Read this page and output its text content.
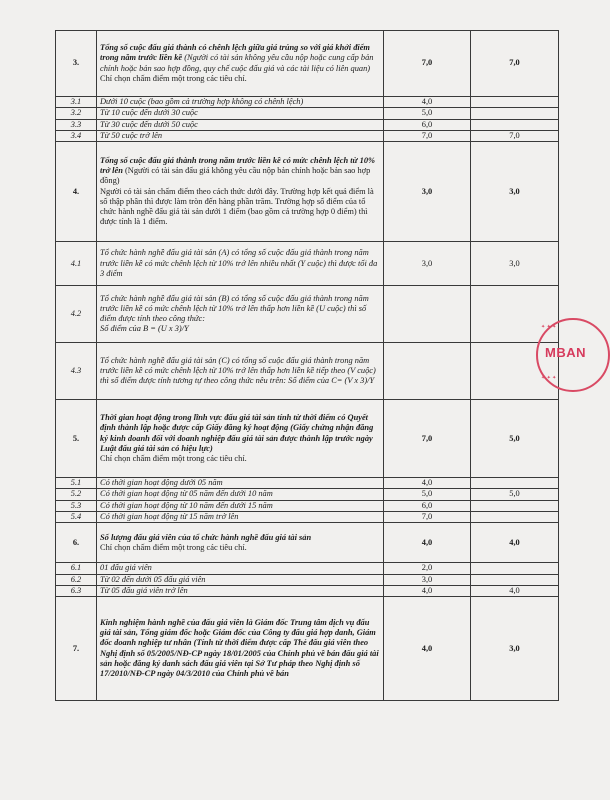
3.	Tổng số cuộc đấu giá thành có chênh lệch giữa giá trúng so với giá khởi điểm trong năm trước liền kề (Người có tài sản không yêu cầu nộp hoặc cung cấp bản chính hoặc bản sao hợp đồng, quy chế cuộc đấu giá và các tài liệu có liên quan)
Chỉ chọn chấm điểm một trong các tiêu chí.	7,0	7,0
3.1	Dưới 10 cuộc (bao gồm cả trường hợp không có chênh lệch)	4,0	
3.2	Từ 10 cuộc đến dưới 30 cuộc	5,0	
3.3	Từ 30 cuộc đến dưới 50 cuộc	6,0	
3.4	Từ 50 cuộc trở lên	7,0	7,0
4.	Tổng số cuộc đấu giá thành trong năm trước liền kề có mức chênh lệch từ 10% trở lên (Người có tài sản đấu giá không yêu cầu nộp bản chính hoặc bản sao hợp đồng)
Người có tài sản chấm điểm theo cách thức dưới đây. Trường hợp kết quả điểm là số thập phân thì được làm tròn đến hàng phần trăm. Trường hợp số điểm của tổ chức hành nghề đấu giá tài sản dưới 1 điểm (bao gồm cả trường hợp 0 điểm) thì được tính là 1 điểm.	3,0	3,0
4.1	Tổ chức hành nghề đấu giá tài sản (A) có tổng số cuộc đấu giá thành trong năm trước liền kề có mức chênh lệch từ 10% trở lên nhiều nhất (Y cuộc) thì được tối đa 3 điểm	3,0	3,0
4.2	Tổ chức hành nghề đấu giá tài sản (B) có tổng số cuộc đấu giá thành trong năm trước liền kề có mức chênh lệch từ 10% trở lên thấp hơn liền kề (U cuộc) thì số điểm được tính theo công thức:
Số điểm của B = (U x 3)/Y		
4.3	Tổ chức hành nghề đấu giá tài sản (C) có tổng số cuộc đấu giá thành trong năm trước liền kề có mức chênh lệch từ 10% trở lên thấp hơn liền kề tiếp theo (V cuộc) thì số điểm được tính tương tự theo công thức nêu trên: Số điểm của C= (V x 3)/Y		
5.	Thời gian hoạt động trong lĩnh vực đấu giá tài sản tính từ thời điểm có Quyết định thành lập hoặc được cấp Giấy đăng ký hoạt động (Giấy chứng nhận đăng ký kinh doanh đối với doanh nghiệp đấu giá tài sản được thành lập trước ngày Luật đấu giá tài sản có hiệu lực)
Chỉ chọn chấm điểm một trong các tiêu chí.	7,0	5,0
5.1	Có thời gian hoạt động dưới 05 năm	4,0	
5.2	Có thời gian hoạt động từ 05 năm đến dưới 10 năm	5,0	5,0
5.3	Có thời gian hoạt động từ 10 năm đến dưới 15 năm	6,0	
5.4	Có thời gian hoạt động từ 15 năm trở lên	7,0	
6.	Số lượng đấu giá viên của tổ chức hành nghề đấu giá tài sản
Chỉ chọn chấm điểm một trong các tiêu chí.	4,0	4,0
6.1	01 đấu giá viên	2,0	
6.2	Từ 02 đến dưới 05 đấu giá viên	3,0	
6.3	Từ 05 đấu giá viên trở lên	4,0	4,0
7.	Kinh nghiệm hành nghề của đấu giá viên là Giám đốc Trung tâm dịch vụ đấu giá tài sản, Tổng giám đốc hoặc Giám đốc của Công ty đấu giá hợp danh, Giám đốc doanh nghiệp tư nhân (Tính từ thời điểm được cấp Thẻ đấu giá viên theo Nghị định số 05/2005/NĐ-CP ngày 18/01/2005 của Chính phủ về bán đấu giá tài sản hoặc đăng ký danh sách đấu giá viên tại Sở Tư pháp theo Nghị định số 17/2010/NĐ-CP ngày 04/3/2010 của Chính phủ về bán	4,0	3,0
✦ ✦ ✦
MBAN
✦ ✦ ✦
